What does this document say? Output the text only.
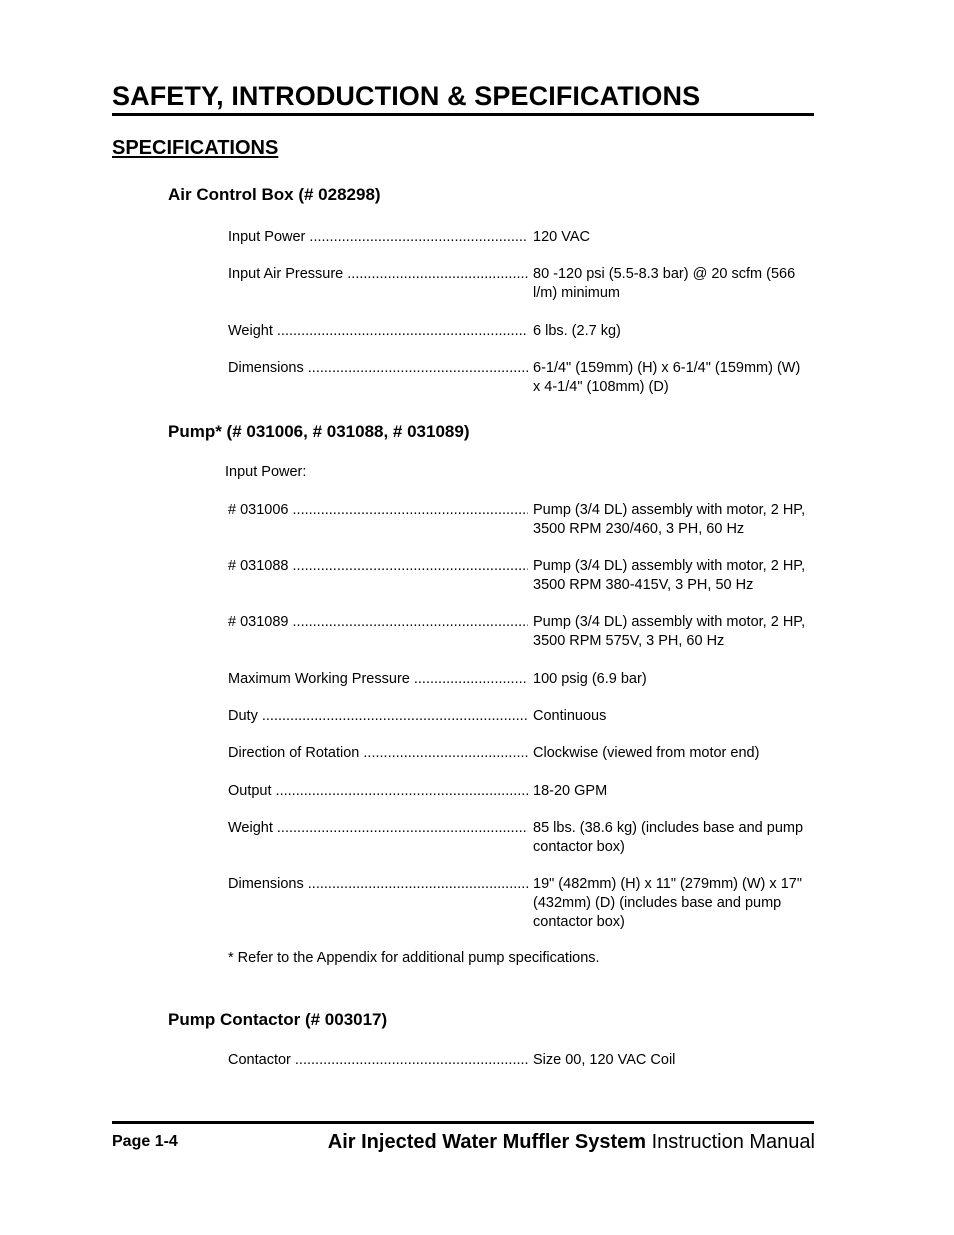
SAFETY, INTRODUCTION & SPECIFICATIONS
SPECIFICATIONS
Air Control Box (# 028298)
Input Power .....	120 VAC
Input Air Pressure .....	80 -120 psi (5.5-8.3 bar) @ 20 scfm (566 l/m) minimum
Weight .....	6 lbs. (2.7 kg)
Dimensions .....	6-1/4" (159mm) (H) x 6-1/4" (159mm) (W) x 4-1/4" (108mm) (D)
Pump* (# 031006, # 031088, # 031089)
Input Power:
# 031006 .....	Pump (3/4 DL) assembly with motor, 2 HP, 3500 RPM 230/460, 3 PH, 60 Hz
# 031088 .....	Pump (3/4 DL) assembly with motor, 2 HP, 3500 RPM 380-415V, 3 PH, 50 Hz
# 031089 .....	Pump (3/4 DL) assembly with motor, 2 HP, 3500 RPM 575V, 3 PH, 60 Hz
Maximum Working Pressure .....	100 psig (6.9 bar)
Duty .....	Continuous
Direction of Rotation .....	Clockwise (viewed from motor end)
Output .....	18-20 GPM
Weight .....	85 lbs. (38.6 kg) (includes base and pump contactor box)
Dimensions .....	19" (482mm) (H) x 11" (279mm) (W) x 17" (432mm) (D) (includes base and pump contactor box)
* Refer to the Appendix for additional pump specifications.
Pump Contactor (# 003017)
Contactor .....	Size 00, 120 VAC Coil
Page 1-4	Air Injected Water Muffler System Instruction Manual
